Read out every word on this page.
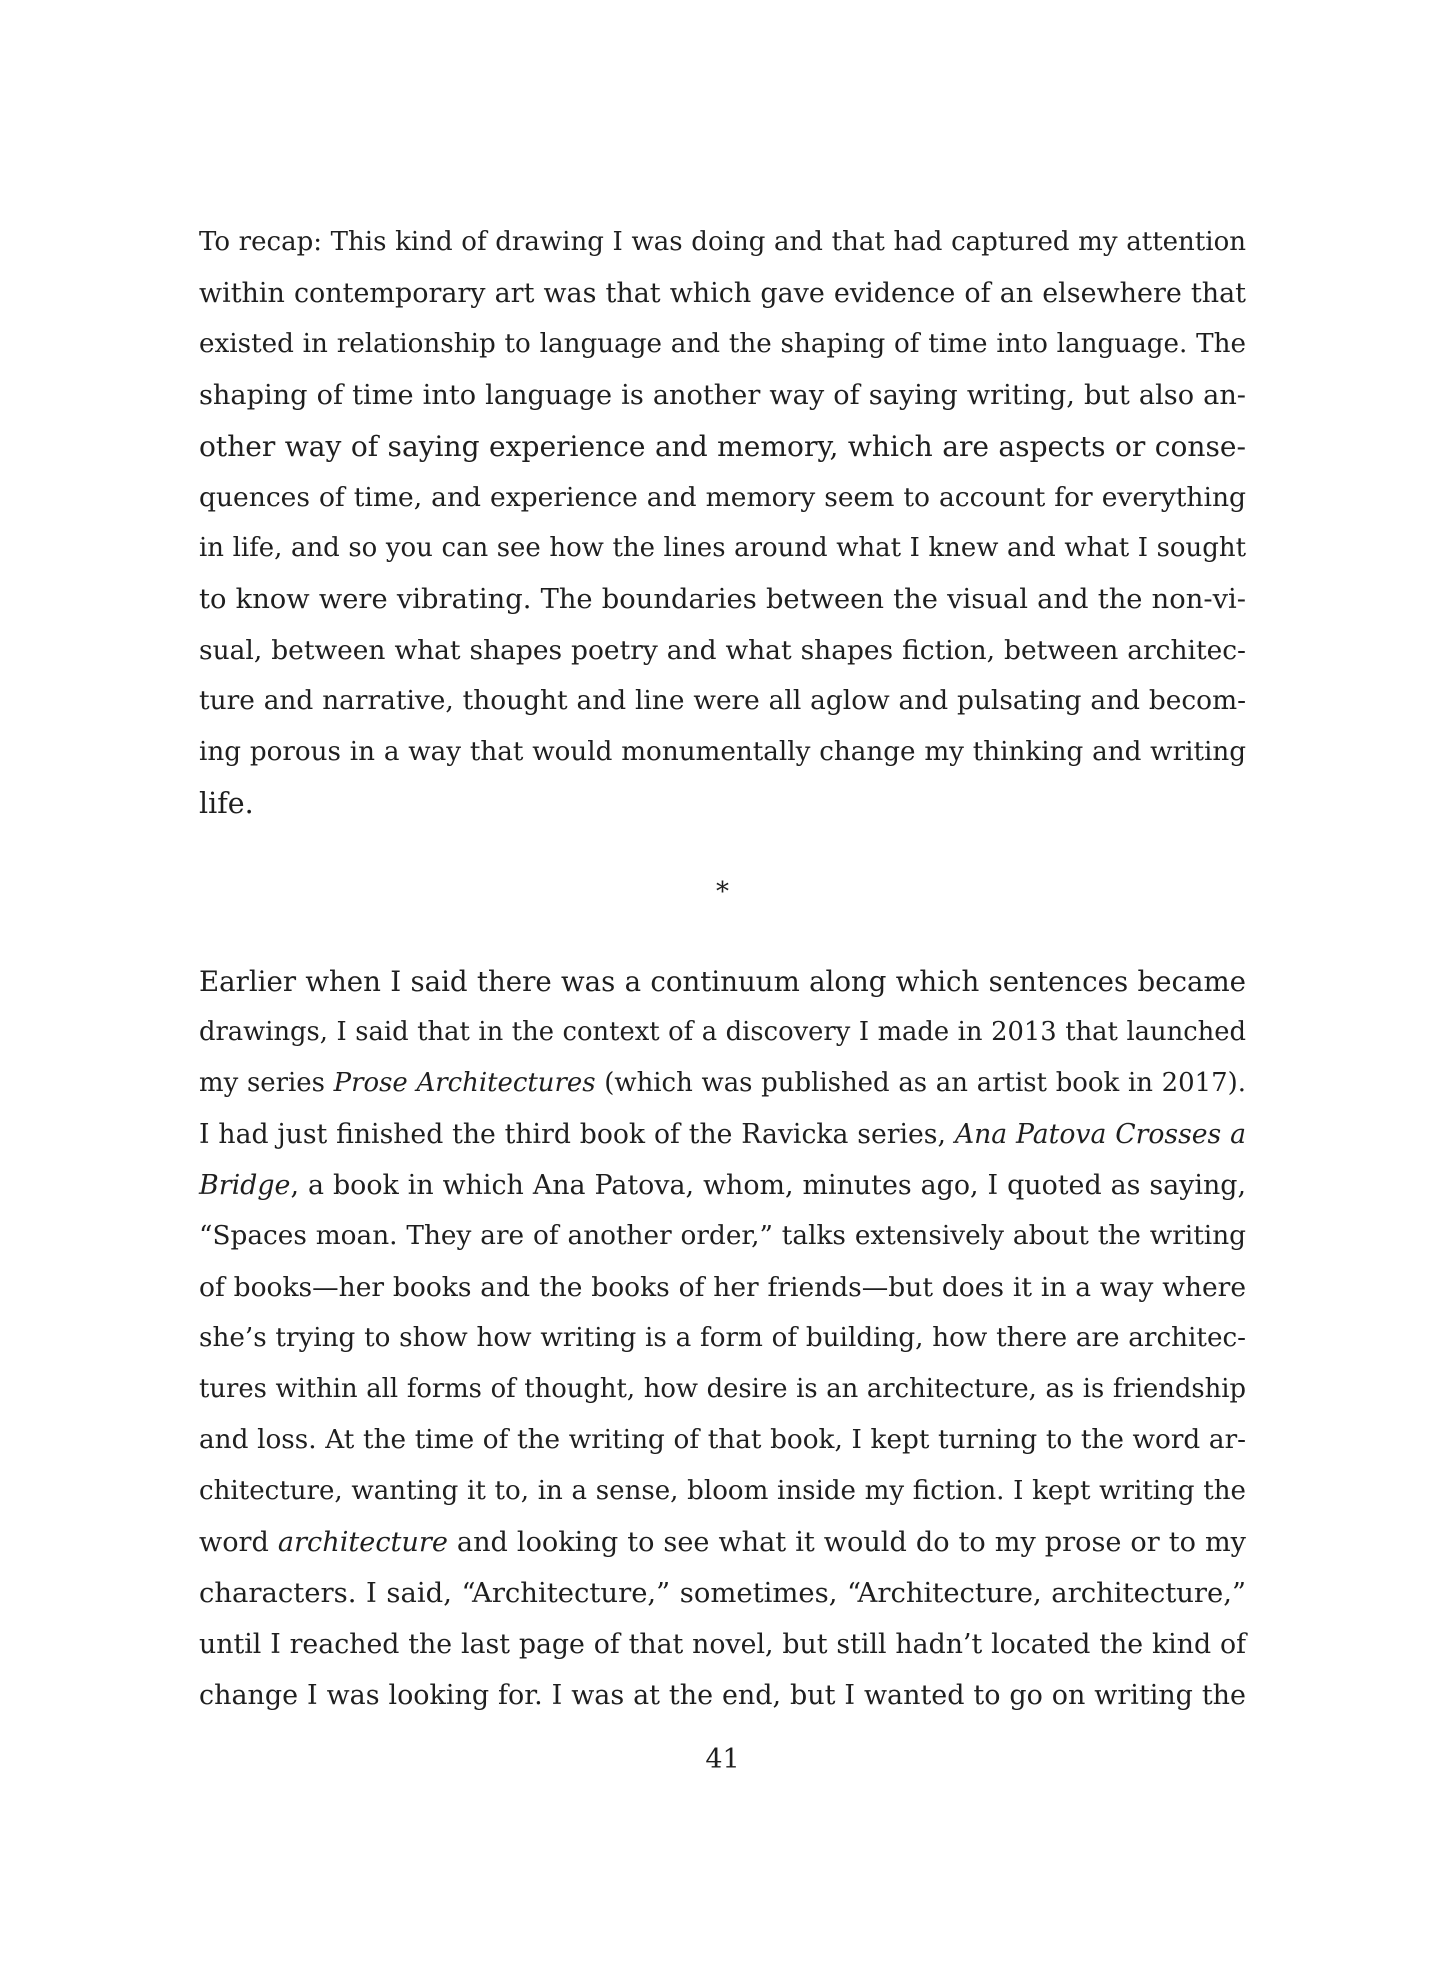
To recap: This kind of drawing I was doing and that had captured my attention
within contemporary art was that which gave evidence of an elsewhere that
existed in relationship to language and the shaping of time into language. The
shaping of time into language is another way of saying writing, but also an-
other way of saying experience and memory, which are aspects or conse-
quences of time, and experience and memory seem to account for everything
in life, and so you can see how the lines around what I knew and what I sought
to know were vibrating. The boundaries between the visual and the non-vi-
sual, between what shapes poetry and what shapes fiction, between architec-
ture and narrative, thought and line were all aglow and pulsating and becom-
ing porous in a way that would monumentally change my thinking and writing
life.

*

Earlier when I said there was a continuum along which sentences became
drawings, I said that in the context of a discovery I made in 2013 that launched
my series Prose Architectures (which was published as an artist book in 2017).
I had just finished the third book of the Ravicka series, Ana Patova Crosses a
Bridge, a book in which Ana Patova, whom, minutes ago, I quoted as saying,
“Spaces moan. They are of another order,” talks extensively about the writing
of books—her books and the books of her friends—but does it in a way where
she’s trying to show how writing is a form of building, how there are architec-
tures within all forms of thought, how desire is an architecture, as is friendship
and loss. At the time of the writing of that book, I kept turning to the word ar-
chitecture, wanting it to, in a sense, bloom inside my fiction. I kept writing the
word architecture and looking to see what it would do to my prose or to my
characters. I said, “Architecture,” sometimes, “Architecture, architecture,”
until I reached the last page of that novel, but still hadn’t located the kind of
change I was looking for. I was at the end, but I wanted to go on writing the

41
